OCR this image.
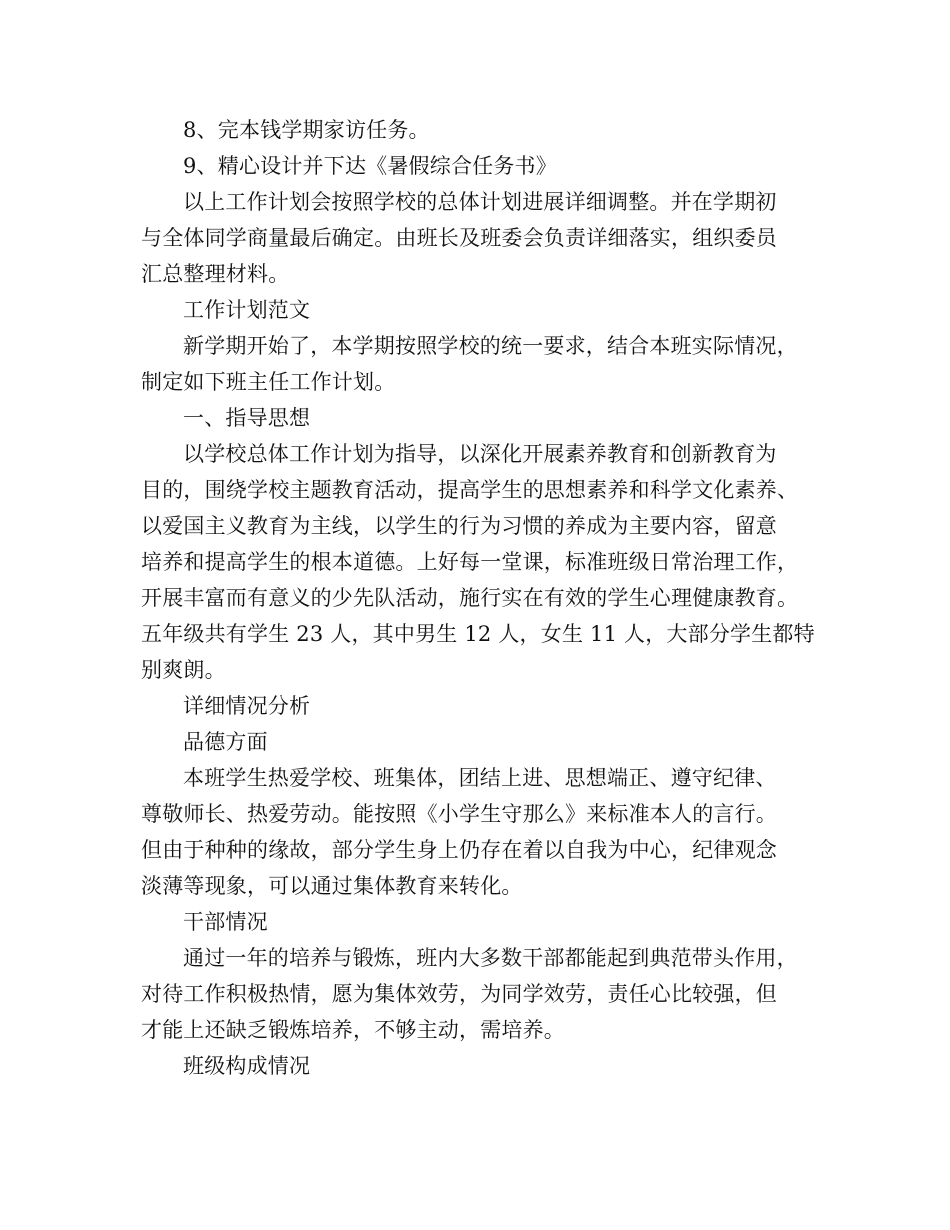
8、完本钱学期家访任务。
9、精心设计并下达《暑假综合任务书》
以上工作计划会按照学校的总体计划进展详细调整。并在学期初
与全体同学商量最后确定。由班长及班委会负责详细落实，组织委员
汇总整理材料。
工作计划范文
新学期开始了，本学期按照学校的统一要求，结合本班实际情况，
制定如下班主任工作计划。
一、指导思想
以学校总体工作计划为指导，以深化开展素养教育和创新教育为
目的，围绕学校主题教育活动，提高学生的思想素养和科学文化素养、
以爱国主义教育为主线，以学生的行为习惯的养成为主要内容，留意
培养和提高学生的根本道德。上好每一堂课，标准班级日常治理工作，
开展丰富而有意义的少先队活动，施行实在有效的学生心理健康教育。
五年级共有学生 23 人，其中男生 12 人，女生 11 人，大部分学生都特
别爽朗。
详细情况分析
品德方面
本班学生热爱学校、班集体，团结上进、思想端正、遵守纪律、
尊敬师长、热爱劳动。能按照《小学生守那么》来标准本人的言行。
但由于种种的缘故，部分学生身上仍存在着以自我为中心，纪律观念
淡薄等现象，可以通过集体教育来转化。
干部情况
通过一年的培养与锻炼，班内大多数干部都能起到典范带头作用，
对待工作积极热情，愿为集体效劳，为同学效劳，责任心比较强，但
才能上还缺乏锻炼培养，不够主动，需培养。
班级构成情况
